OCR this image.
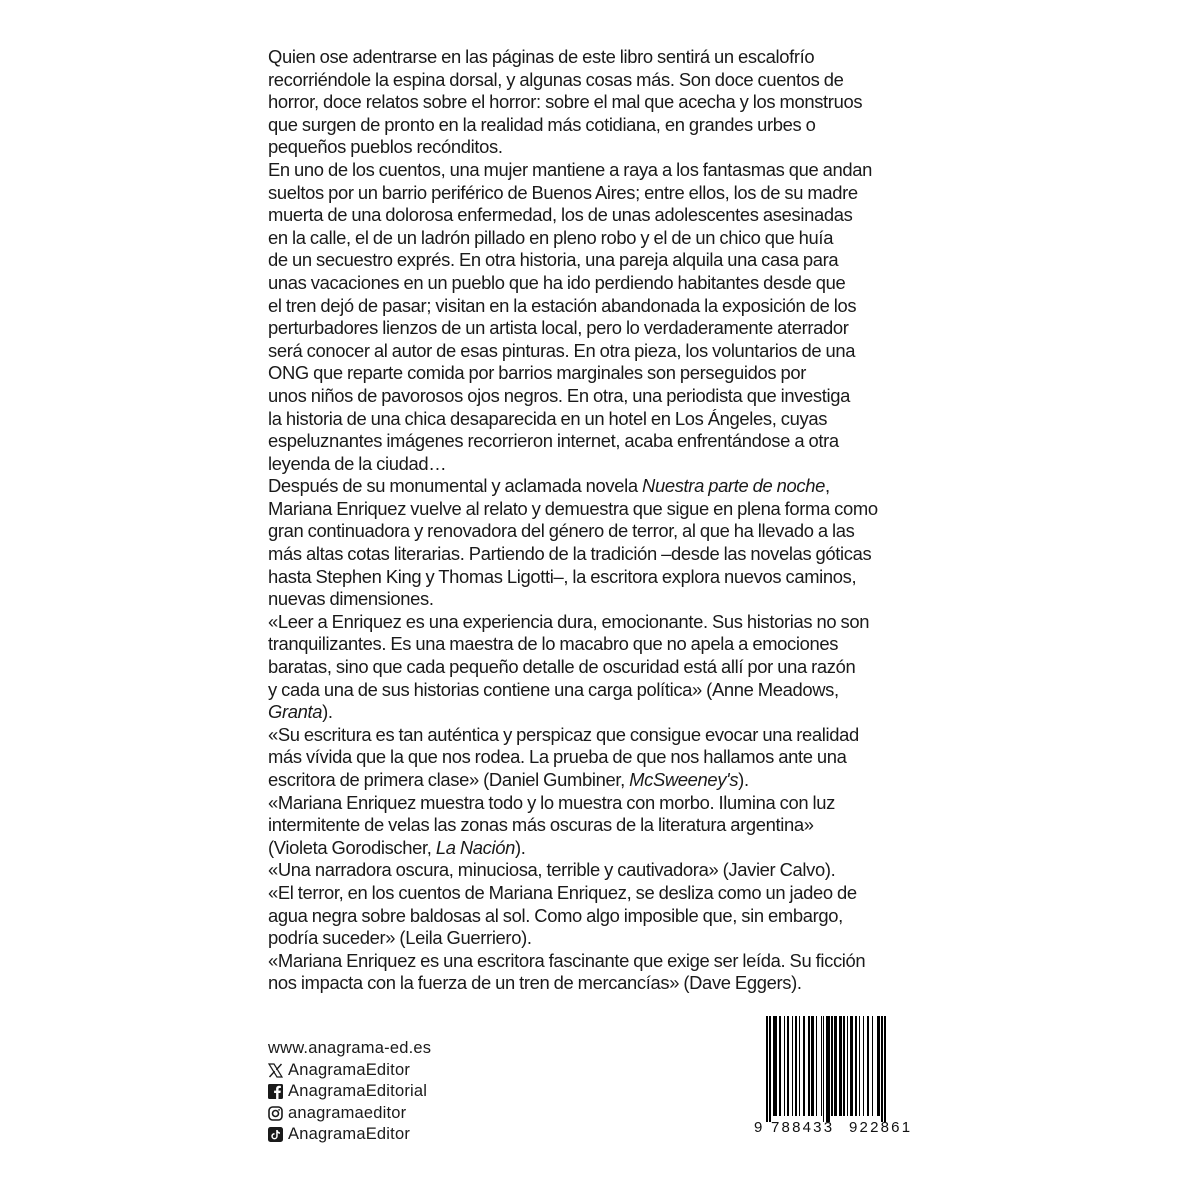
Quien ose adentrarse en las páginas de este libro sentirá un escalofrío
recorriéndole la espina dorsal, y algunas cosas más. Son doce cuentos de
horror, doce relatos sobre el horror: sobre el mal que acecha y los monstruos
que surgen de pronto en la realidad más cotidiana, en grandes urbes o
pequeños pueblos recónditos.

En uno de los cuentos, una mujer mantiene a raya a los fantasmas que andan
sueltos por un barrio periférico de Buenos Aires; entre ellos, los de su madre
muerta de una dolorosa enfermedad, los de unas adolescentes asesinadas
en la calle, el de un ladrón pillado en pleno robo y el de un chico que huía
de un secuestro exprés. En otra historia, una pareja alquila una casa para
unas vacaciones en un pueblo que ha ido perdiendo habitantes desde que
el tren dejó de pasar; visitan en la estación abandonada la exposición de los
perturbadores lienzos de un artista local, pero lo verdaderamente aterrador
será conocer al autor de esas pinturas. En otra pieza, los voluntarios de una
ONG que reparte comida por barrios marginales son perseguidos por
unos niños de pavorosos ojos negros. En otra, una periodista que investiga
la historia de una chica desaparecida en un hotel en Los Ángeles, cuyas
espeluznantes imágenes recorrieron internet, acaba enfrentándose a otra
leyenda de la ciudad…

Después de su monumental y aclamada novela Nuestra parte de noche,
Mariana Enriquez vuelve al relato y demuestra que sigue en plena forma como
gran continuadora y renovadora del género de terror, al que ha llevado a las
más altas cotas literarias. Partiendo de la tradición –desde las novelas góticas
hasta Stephen King y Thomas Ligotti–, la escritora explora nuevos caminos,
nuevas dimensiones.

«Leer a Enriquez es una experiencia dura, emocionante. Sus historias no son
tranquilizantes. Es una maestra de lo macabro que no apela a emociones
baratas, sino que cada pequeño detalle de oscuridad está allí por una razón
y cada una de sus historias contiene una carga política» (Anne Meadows,
Granta).

«Su escritura es tan auténtica y perspicaz que consigue evocar una realidad
más vívida que la que nos rodea. La prueba de que nos hallamos ante una
escritora de primera clase» (Daniel Gumbiner, McSweeney's).

«Mariana Enriquez muestra todo y lo muestra con morbo. Ilumina con luz
intermitente de velas las zonas más oscuras de la literatura argentina»
(Violeta Gorodischer, La Nación).

«Una narradora oscura, minuciosa, terrible y cautivadora» (Javier Calvo).

«El terror, en los cuentos de Mariana Enriquez, se desliza como un jadeo de
agua negra sobre baldosas al sol. Como algo imposible que, sin embargo,
podría suceder» (Leila Guerriero).

«Mariana Enriquez es una escritora fascinante que exige ser leída. Su ficción
nos impacta con la fuerza de un tren de mercancías» (Dave Eggers).

www.anagrama-ed.es
AnagramaEditor
AnagramaEditorial
anagramaeditor
AnagramaEditor	9 788433 922861
